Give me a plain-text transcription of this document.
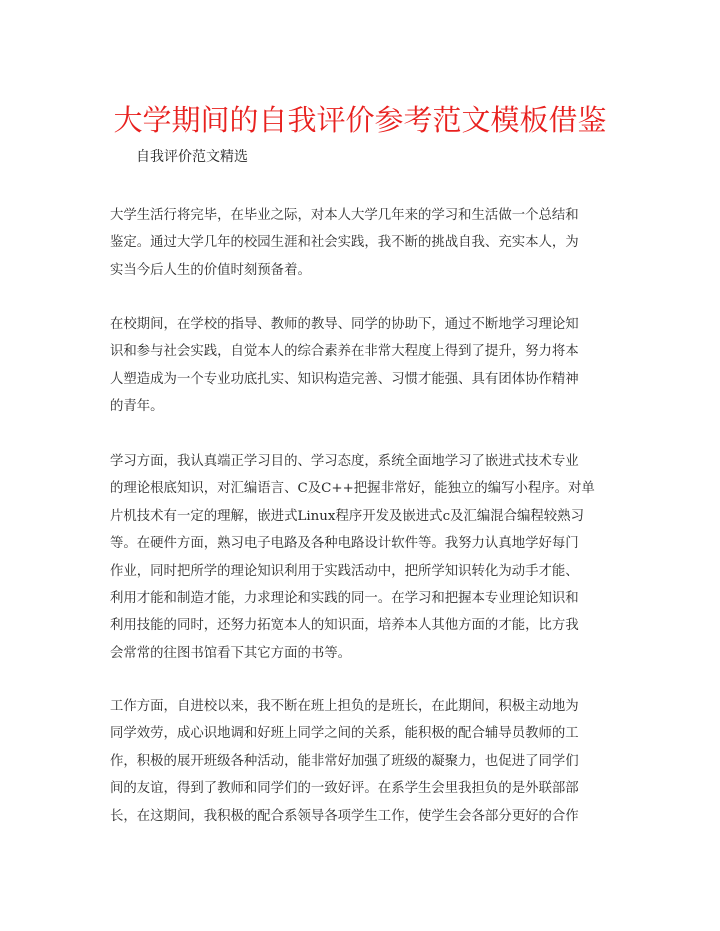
大学期间的自我评价参考范文模板借鉴
自我评价范文精选
大学生活行将完毕，在毕业之际，对本人大学几年来的学习和生活做一个总结和
鉴定。通过大学几年的校园生涯和社会实践，我不断的挑战自我、充实本人，为
实当今后人生的价值时刻预备着。
在校期间，在学校的指导、教师的教导、同学的协助下，通过不断地学习理论知
识和参与社会实践，自觉本人的综合素养在非常大程度上得到了提升，努力将本
人塑造成为一个专业功底扎实、知识构造完善、习惯才能强、具有团体协作精神
的青年。
学习方面，我认真端正学习目的、学习态度，系统全面地学习了嵌进式技术专业
的理论根底知识，对汇编语言、C及C++把握非常好，能独立的编写小程序。对单
片机技术有一定的理解，嵌进式Linux程序开发及嵌进式c及汇编混合编程较熟习
等。在硬件方面，熟习电子电路及各种电路设计软件等。我努力认真地学好每门
作业，同时把所学的理论知识利用于实践活动中，把所学知识转化为动手才能、
利用才能和制造才能，力求理论和实践的同一。在学习和把握本专业理论知识和
利用技能的同时，还努力拓宽本人的知识面，培养本人其他方面的才能，比方我
会常常的往图书馆看下其它方面的书等。
工作方面，自进校以来，我不断在班上担负的是班长，在此期间，积极主动地为
同学效劳，成心识地调和好班上同学之间的关系，能积极的配合辅导员教师的工
作，积极的展开班级各种活动，能非常好加强了班级的凝聚力，也促进了同学们
间的友谊，得到了教师和同学们的一致好评。在系学生会里我担负的是外联部部
长，在这期间，我积极的配合系领导各项学生工作，使学生会各部分更好的合作
